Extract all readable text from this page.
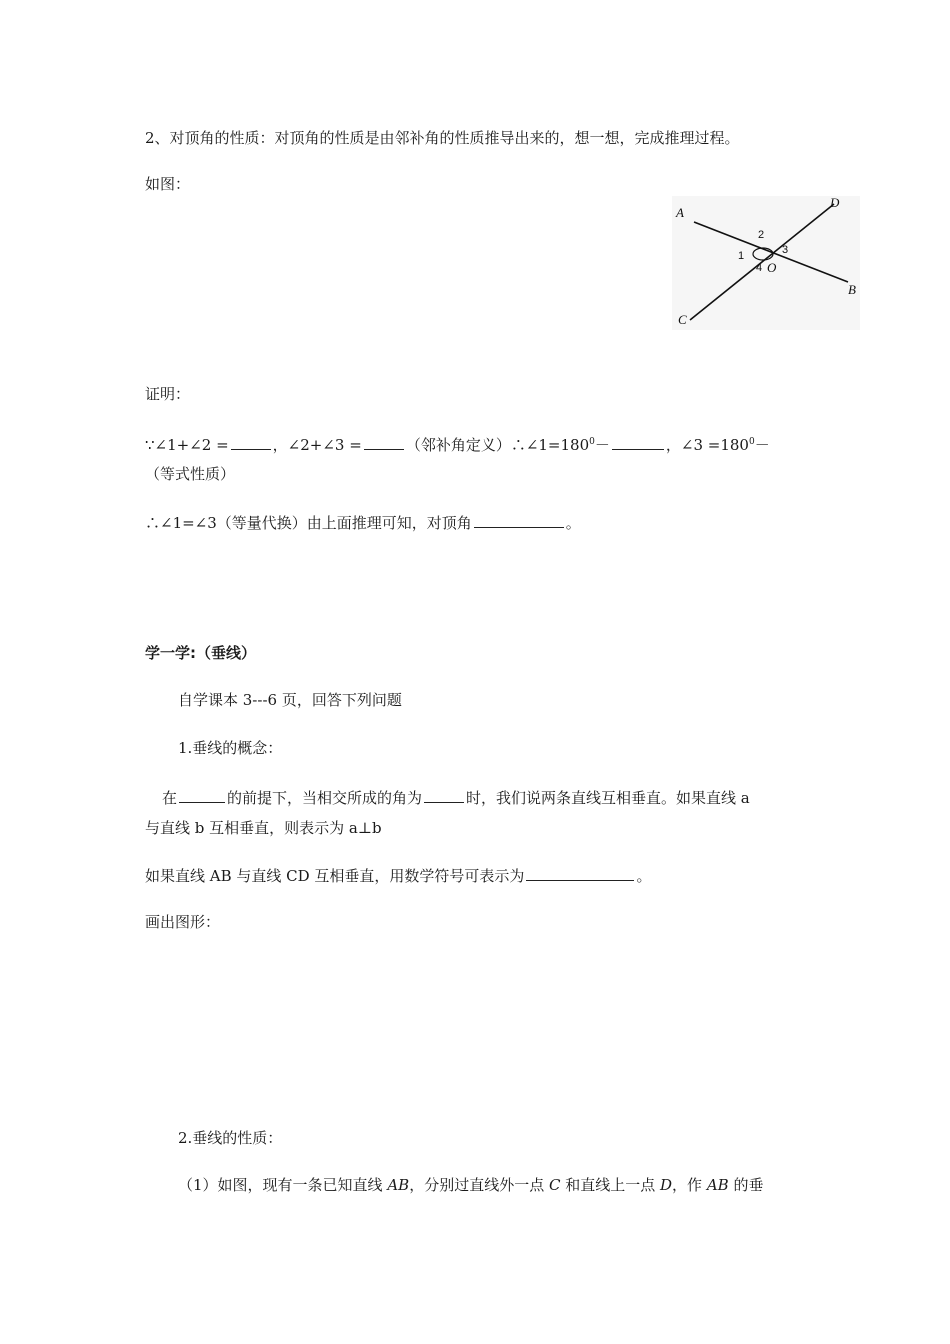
2、对顶角的性质：对顶角的性质是由邻补角的性质推导出来的，想一想，完成推理过程。
如图：
A
D
B
C
O
2
3
1
4
证明：
∵∠1+∠2 =	，∠2+∠3 =	（邻补角定义）$\therefore\angle 1=180^0-$	，∠3 $=180^0-$
（等式性质）
∴∠1=∠3（等量代换）由上面推理可知，对顶角	。
学一学:（垂线）
自学课本 3---6 页，回答下列问题
1.垂线的概念：
在	的前提下，当相交所成的角为	时，我们说两条直线互相垂直。如果直线 a
与直线 b 互相垂直，则表示为 a⊥b
如果直线 AB 与直线 CD 互相垂直，用数学符号可表示为	。
画出图形：
2.垂线的性质：
（1）如图，现有一条已知直线 AB，分别过直线外一点 C 和直线上一点 D，作 AB 的垂
